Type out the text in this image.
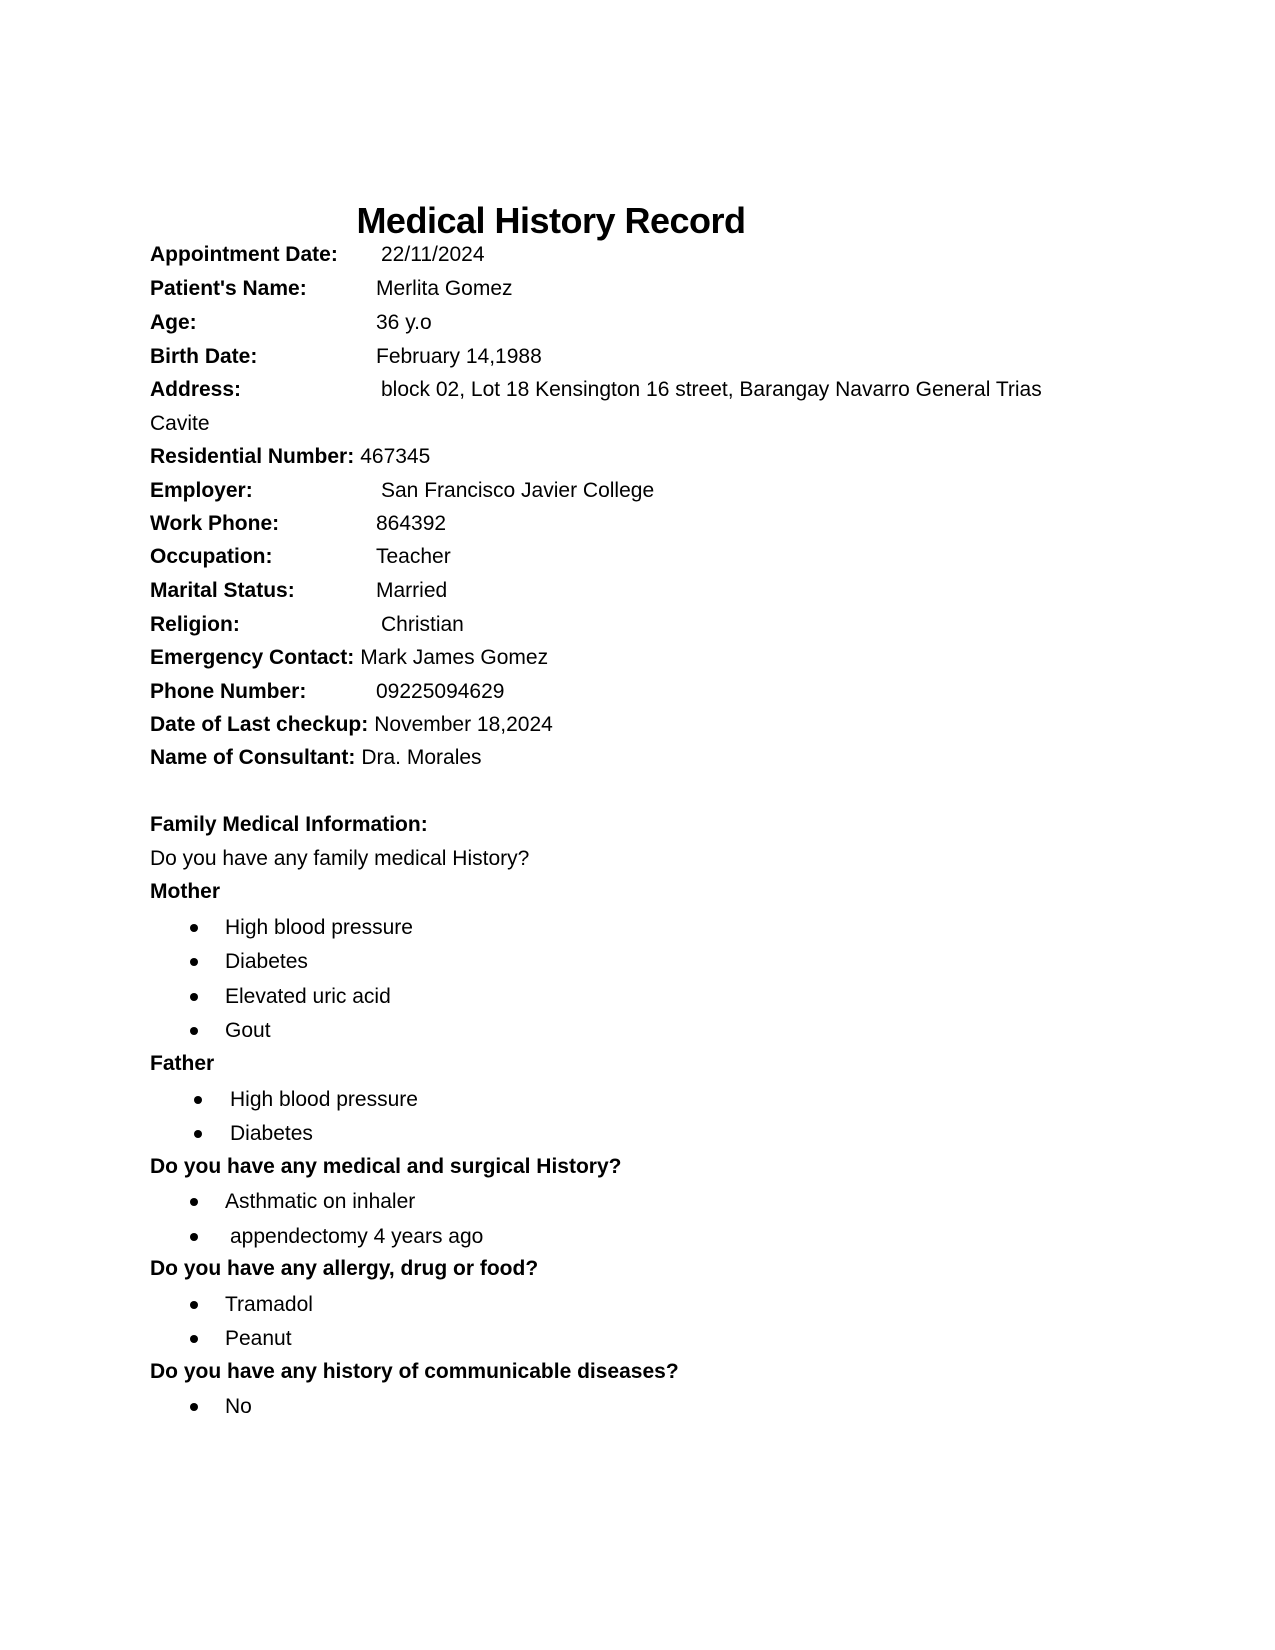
Medical History Record
Appointment Date: 22/11/2024
Patient's Name:	Merlita Gomez
Age:	36 y.o
Birth Date:	February 14,1988
Address:	block 02, Lot 18 Kensington 16 street, Barangay Navarro General Trias
Cavite
Residential Number: 467345
Employer:	San Francisco Javier College
Work Phone:	864392
Occupation:	Teacher
Marital Status:	Married
Religion:	Christian
Emergency Contact: Mark James Gomez
Phone Number:	09225094629
Date of Last checkup: November 18,2024
Name of Consultant: Dra. Morales
Family Medical Information:
Do you have any family medical History?
Mother
High blood pressure
Diabetes
Elevated uric acid
Gout
Father
High blood pressure
Diabetes
Do you have any medical and surgical History?
Asthmatic on inhaler
appendectomy 4 years ago
Do you have any allergy, drug or food?
Tramadol
Peanut
Do you have any history of communicable diseases?
No
